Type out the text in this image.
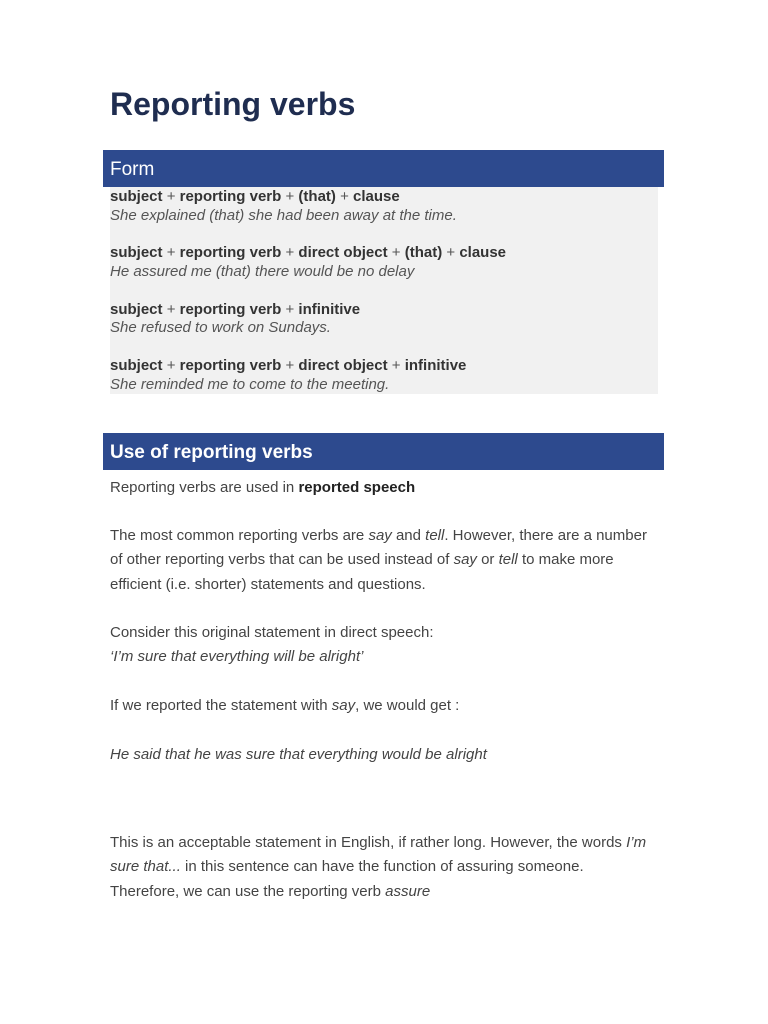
Reporting verbs
Form
subject + reporting verb + (that) + clause
She explained (that) she had been away at the time.
subject + reporting verb + direct object + (that) + clause
He assured me (that) there would be no delay
subject + reporting verb + infinitive
She refused to work on Sundays.
subject + reporting verb + direct object + infinitive
She reminded me to come to the meeting.
Use of reporting verbs

Reporting verbs are used in reported speech

The most common reporting verbs are say and tell. However, there are a number of other reporting verbs that can be used instead of say or tell to make more efficient (i.e. shorter) statements and questions.

Consider this original statement in direct speech:
‘I’m sure that everything will be alright’

If we reported the statement with say, we would get :

He said that he was sure that everything would be alright

This is an acceptable statement in English, if rather long. However, the words I’m sure that... in this sentence can have the function of assuring someone. Therefore, we can use the reporting verb assure
